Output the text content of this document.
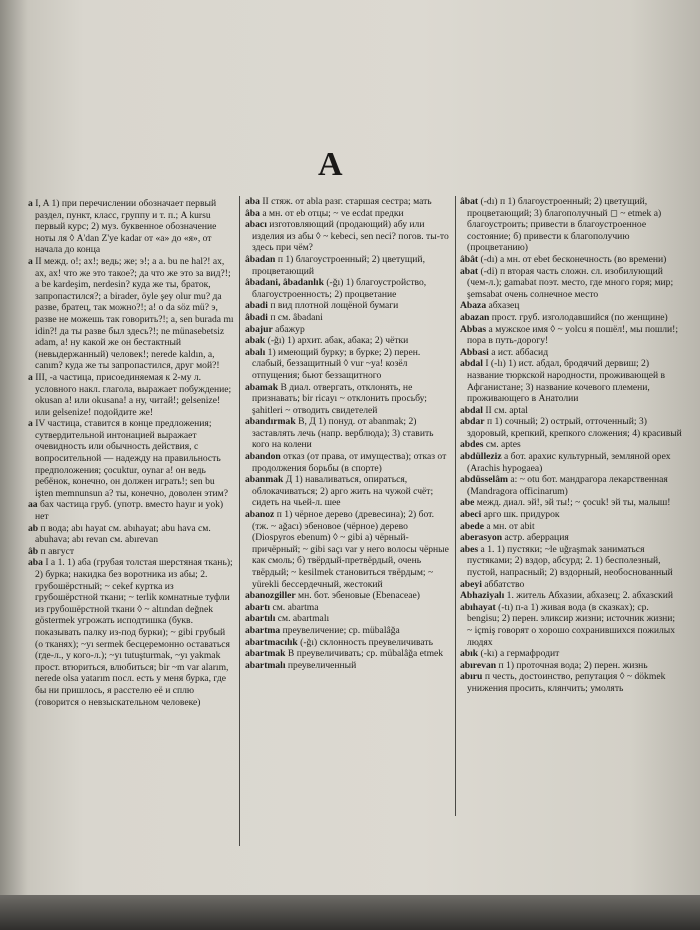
А
a I, A 1) при перечислении обозначает первый раздел, пункт, класс, группу и т. п.; A kursu первый курс; 2) муз. буквенное обозначение ноты ля ◊ A'dan Z'ye kadar от «а» до «я», от начала до конца
a II межд. о!; ах!; ведь; же; э!; а а. bu ne hal?! ах, ах, ах! что же это такое?; да что же это за вид?!; a be kardeşim, nerdesin? куда же ты, браток, запропастился?; a birader, öyle şey olur mu? да разве, братец, так можно?!; a! o da söz mü? э, разве не можешь так говорить?!; a, sen burada mı idin?! да ты разве был здесь?!; ne münasebetsiz adam, a! ну какой же он бестактный (невыдержанный) человек!; nerede kaldın, a, canım? куда же ты запропастился, друг мой?!
a III, -a частица, присоединяемая к 2-му л. условного накл. глагола, выражает побуждение; okusan a! или okusana! а ну, читай!; gelsenize! или gelsenize! подойдите же!
a IV частица, ставится в конце предложения; сутвердительной интонацией выражает очевидность или обычность действия, с вопросительной — надежду на правильность предположения; çocuktur, oynar a! он ведь ребёнок, конечно, он должен играть!; sen bu işten memnunsun a? ты, конечно, доволен этим?
aa бах частица груб. (употр. вместо hayır и yok) нет
ab п вода; abı hayat см. abıhayat; abu hava см. abuhava; abı revan см. abırevan
âb п август
aba I a 1. 1) аба (грубая толстая шерстяная ткань); 2) бурка; накидка без воротника из абы; 2. грубошёрстный; ~ cekef куртка из грубошёрстной ткани; ~ terlik комнатные туфли из грубошёрстной ткани ◊ ~ altından değnek göstermek угрожать исподтишка (букв. показывать палку из-под бурки); ~ gibi грубый (о тканях); ~yı sermek бесцеремонно оставаться (где-л., у кого-л.); ~yı tutuşturmak, ~yı yakmak прост. втюриться, влюбиться; bir ~m var alarım, nerede olsa yatarım посл. есть у меня бурка, где бы ни пришлось, я расстелю её и сплю (говорится о невзыскательном человеке)
aba II стяж. от abla разг. старшая сестра; мать
âba а мн. от eb отцы; ~ ve ecdat предки
abacı изготовляющий (продающий) абу или изделия из абы ◊ ~ kebeci, sen neci? погов. ты-то здесь при чём?
âbadan п 1) благоустроенный; 2) цветущий, процветающий
âbadani, âbadanlık (-ğı) 1) благоустройство, благоустроенность; 2) процветание
abadi п вид плотной лощёной бумаги
âbadi п см. âbadani
abajur абажур
abak (-ğı) 1) архит. абак, абака; 2) чётки
abalı 1) имеющий бурку; в бурке; 2) перен. слабый, беззащитный ◊ vur ~ya! козёл отпущения; бьют беззащитного
abamak В диал. отвергать, отклонять, не признавать; bir ricayı ~ отклонить просьбу; şahitleri ~ отводить свидетелей
abandırmak В, Д 1) понуд. от abanmak; 2) заставлять лечь (напр. верблюда); 3) ставить кого на колени
abandon отказ (от права, от имущества); отказ от продолжения борьбы (в спорте)
abanmak Д 1) наваливаться, опираться, облокачиваться; 2) арго жить на чужой счёт; сидеть на чьей-л. шее
abanoz п 1) чёрное дерево (древесина); 2) бот. (тж. ~ ağacı) эбеновое (чёрное) дерево (Diospyros ebenum) ◊ ~ gibi а) чёрный-причёрный; ~ gibi saçı var у него волосы чёрные как смоль; б) твёрдый-претвёрдый, очень твёрдый; ~ kesilmek становиться твёрдым; ~ yürekli бессердечный, жестокий
abanozgiller мн. бот. эбеновые (Ebenaceae)
abartı см. abartma
abartılı см. abartmalı
abartma преувеличение; ср. mübalâğa
abartmacılık (-ğı) склонность преувеличивать
abartmak В преувеличивать; ср. mübalâğa etmek
abartmalı преувеличенный
âbat (-dı) п 1) благоустроенный; 2) цветущий, процветающий; 3) благополучный ◻ ~ etmek а) благоустроить; привести в благоустроенное состояние; б) привести к благополучию (процветанию)
âbât (-dı) а мн. от ebet бесконечность (во времени)
abat (-di) п вторая часть сложн. сл. изобилующий (чем-л.); gamabat поэт. место, где много горя; мир; şemsabat очень солнечное место
Abaza абхазец
abazan прост. груб. изголодавшийся (по женщине)
Abbas а мужское имя ◊ ~ yolcu я пошёл!, мы пошли!; пора в путь-дорогу!
Abbasi а ист. аббасид
abdal I (-lı) 1) ист. абдал, бродячий дервиш; 2) название тюркской народности, проживающей в Афганистане; 3) название кочевого племени, проживающего в Анатолии
abdal II см. aptal
abdar п 1) сочный; 2) острый, отточенный; 3) здоровый, крепкий, крепкого сложения; 4) красивый
abdes см. aptes
abdülleziz а бот. арахис культурный, земляной орех (Arachis hypogaea)
abdüsselâm а: ~ otu бот. мандрагора лекарственная (Mandragora officinarum)
abe межд. диал. эй!, эй ты!; ~ çocuk! эй ты, малыш!
abeci арго шк. придурок
abede а мн. от abit
aberasyon астр. аберрация
abes а 1. 1) пустяки; ~le uğraşmak заниматься пустяками; 2) вздор, абсурд; 2. 1) бесполезный, пустой, напрасный; 2) вздорный, необоснованный
abeyi аббатство
Abhaziyalı 1. житель Абхазии, абхазец; 2. абхазский
abıhayat (-tı) п-а 1) живая вода (в сказках); ср. bengisu; 2) перен. эликсир жизни; источник жизни; ~ içmiş говорят о хорошо сохранившихся пожилых людях
abık (-kı) а гермафродит
abırevan п 1) проточная вода; 2) перен. жизнь
abıru п честь, достоинство, репутация ◊ ~ dökmek унижения просить, клянчить; умолять
